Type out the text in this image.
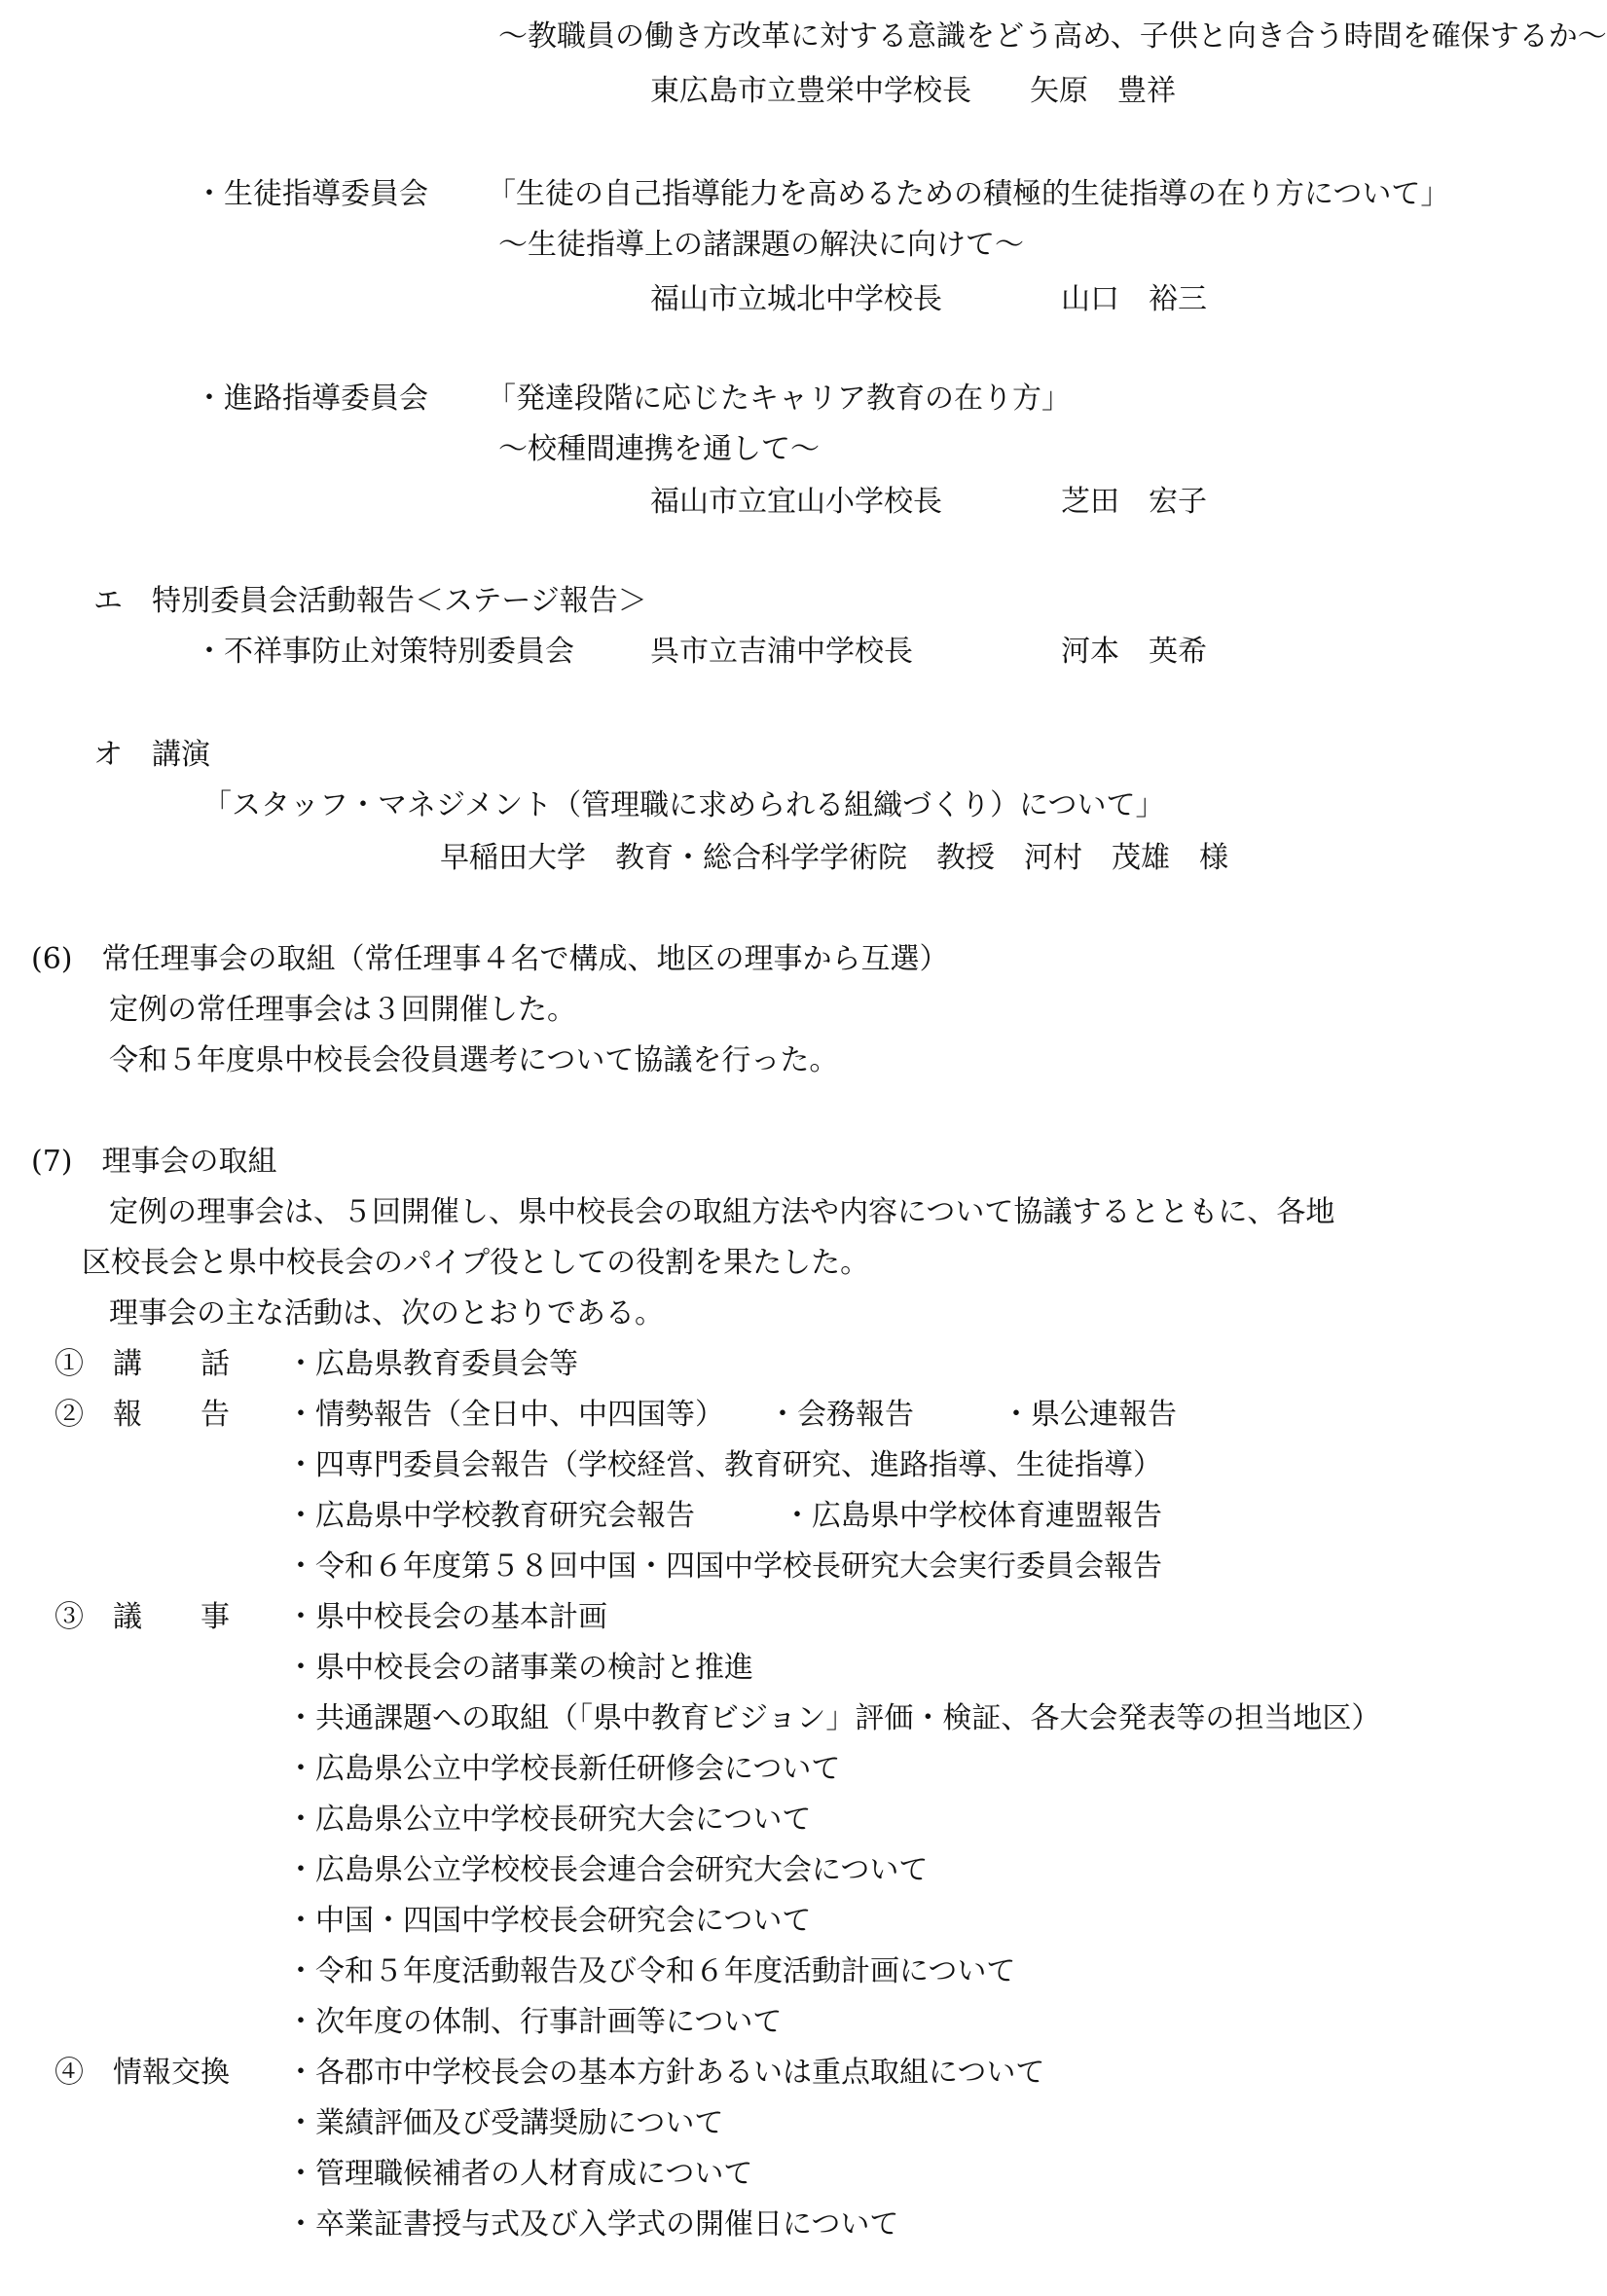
～教職員の働き方改革に対する意識をどう高め、子供と向き合う時間を確保するか～
東広島市立豊栄中学校長　　矢原　豊祥
・生徒指導委員会 「生徒の自己指導能力を高めるための積極的生徒指導の在り方について」
～生徒指導上の諸課題の解決に向けて～
福山市立城北中学校長	山口　裕三
・進路指導委員会 「発達段階に応じたキャリア教育の在り方」
～校種間連携を通して～
福山市立宜山小学校長	芝田　宏子
エ　特別委員会活動報告＜ステージ報告＞
・不祥事防止対策特別委員会	呉市立吉浦中学校長	河本　英希
オ　講演
「スタッフ・マネジメント（管理職に求められる組織づくり）について」
早稲田大学　教育・総合科学学術院　教授　河村　茂雄　様
(6)　常任理事会の取組（常任理事４名で構成、地区の理事から互選）
定例の常任理事会は３回開催した。
令和５年度県中校長会役員選考について協議を行った。
(7)　理事会の取組
定例の理事会は、５回開催し、県中校長会の取組方法や内容について協議するとともに、各地
区校長会と県中校長会のパイプ役としての役割を果たした。
理事会の主な活動は、次のとおりである。
①　講　　話 ・広島県教育委員会等
②　報　　告 ・情勢報告（全日中、中四国等）　　・会務報告　　　・県公連報告
・四専門委員会報告（学校経営、教育研究、進路指導、生徒指導）
・広島県中学校教育研究会報告　　　・広島県中学校体育連盟報告
・令和６年度第５８回中国・四国中学校長研究大会実行委員会報告
③　議　　事 ・県中校長会の基本計画
・県中校長会の諸事業の検討と推進
・共通課題への取組（「県中教育ビジョン」評価・検証、各大会発表等の担当地区）
・広島県公立中学校長新任研修会について
・広島県公立中学校長研究大会について
・広島県公立学校校長会連合会研究大会について
・中国・四国中学校長会研究会について
・令和５年度活動報告及び令和６年度活動計画について
・次年度の体制、行事計画等について
④　情報交換 ・各郡市中学校長会の基本方針あるいは重点取組について
・業績評価及び受講奨励について
・管理職候補者の人材育成について
・卒業証書授与式及び入学式の開催日について
